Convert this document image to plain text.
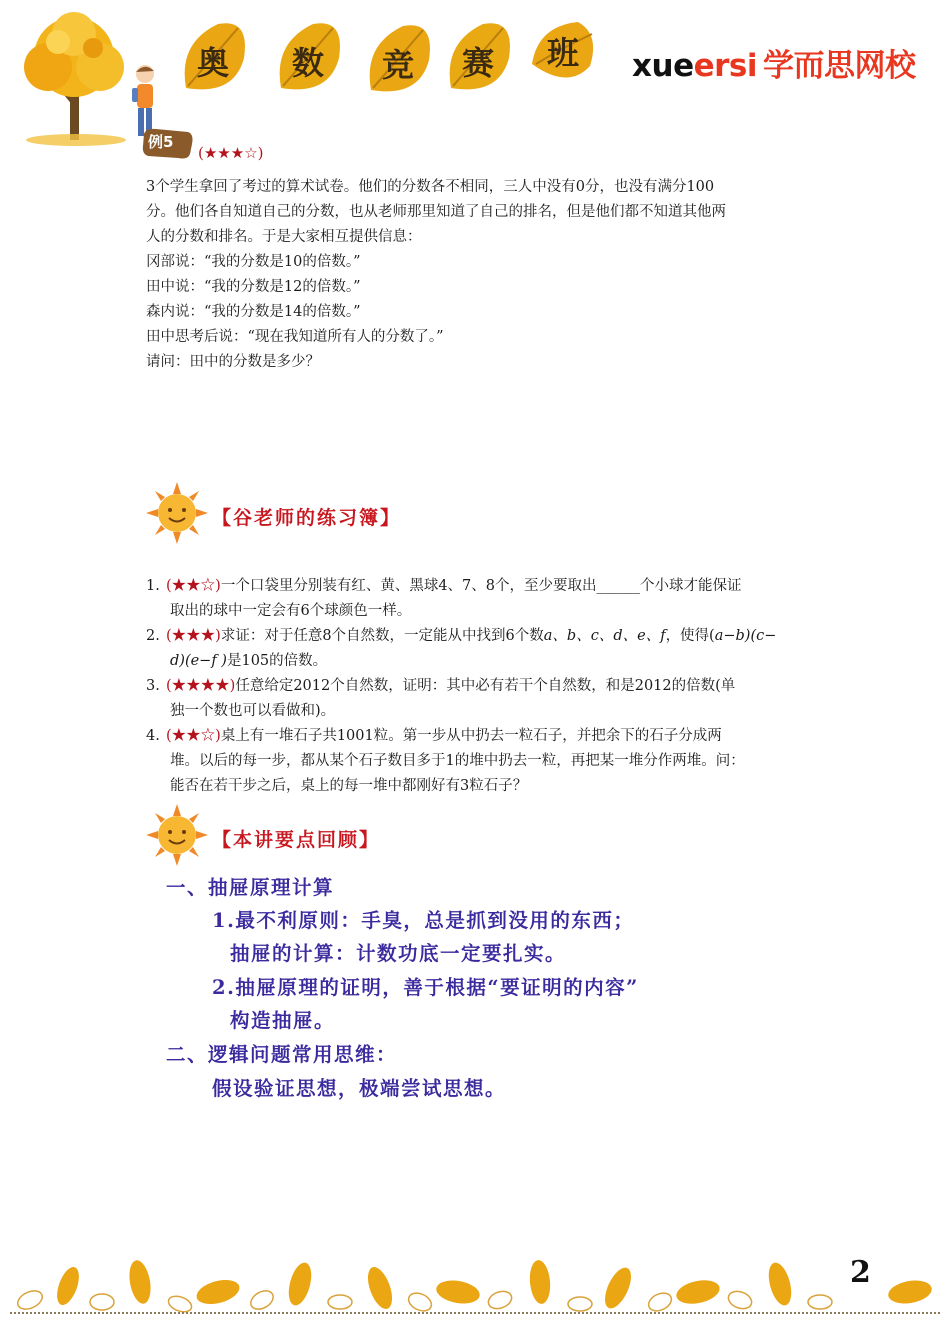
奥	数	竞	赛	班	xueersi 学而思网校
例5
(★★★☆)
3个学生拿回了考过的算术试卷。他们的分数各不相同，三人中没有0分，也没有满分100
分。他们各自知道自己的分数，也从老师那里知道了自己的排名，但是他们都不知道其他两
人的分数和排名。于是大家相互提供信息：
冈部说：“我的分数是10的倍数。”
田中说：“我的分数是12的倍数。”
森内说：“我的分数是14的倍数。”
田中思考后说：“现在我知道所有人的分数了。”
请问：田中的分数是多少？
【谷老师的练习簿】
1. (★★☆)一个口袋里分别装有红、黄、黑球4、7、8个，至少要取出______个小球才能保证
取出的球中一定会有6个球颜色一样。
2. (★★★)求证：对于任意8个自然数，一定能从中找到6个数a、b、c、d、e、f，使得(a−b)(c−
d)(e−f )是105的倍数。
3. (★★★★)任意给定2012个自然数，证明：其中必有若干个自然数，和是2012的倍数(单
独一个数也可以看做和)。
4. (★★☆)桌上有一堆石子共1001粒。第一步从中扔去一粒石子，并把余下的石子分成两
堆。以后的每一步，都从某个石子数目多于1的堆中扔去一粒，再把某一堆分作两堆。问：
能否在若干步之后，桌上的每一堆中都刚好有3粒石子？
【本讲要点回顾】
一、抽屉原理计算
1.最不利原则：手臭，总是抓到没用的东西；
抽屉的计算：计数功底一定要扎实。
2.抽屉原理的证明，善于根据“要证明的内容”
构造抽屉。
二、逻辑问题常用思维：
假设验证思想，极端尝试思想。
2
